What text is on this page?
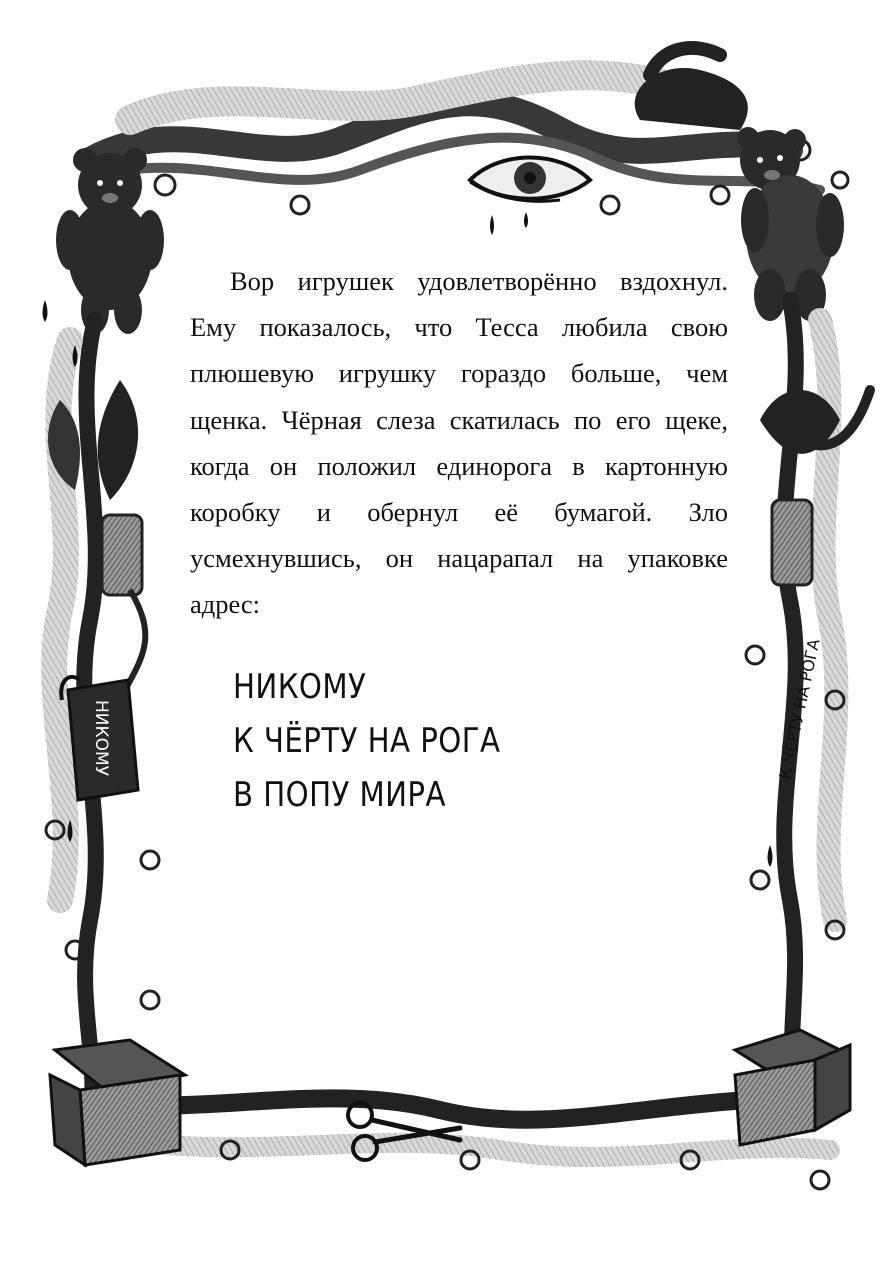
НИКОМУ	К ЧЁРТУ НА РОГА

Вор игрушек удовлетворённо вздохнул. Ему показалось, что Тесса любила свою плюшевую игрушку гораздо больше, чем щенка. Чёрная слеза скатилась по его щеке, когда он положил единорога в картонную коробку и обернул её бумагой. Зло усмехнувшись, он нацарапал на упаковке адрес:

НИКОМУ
К ЧЁРТУ НА РОГА
В ПОПУ МИРА
